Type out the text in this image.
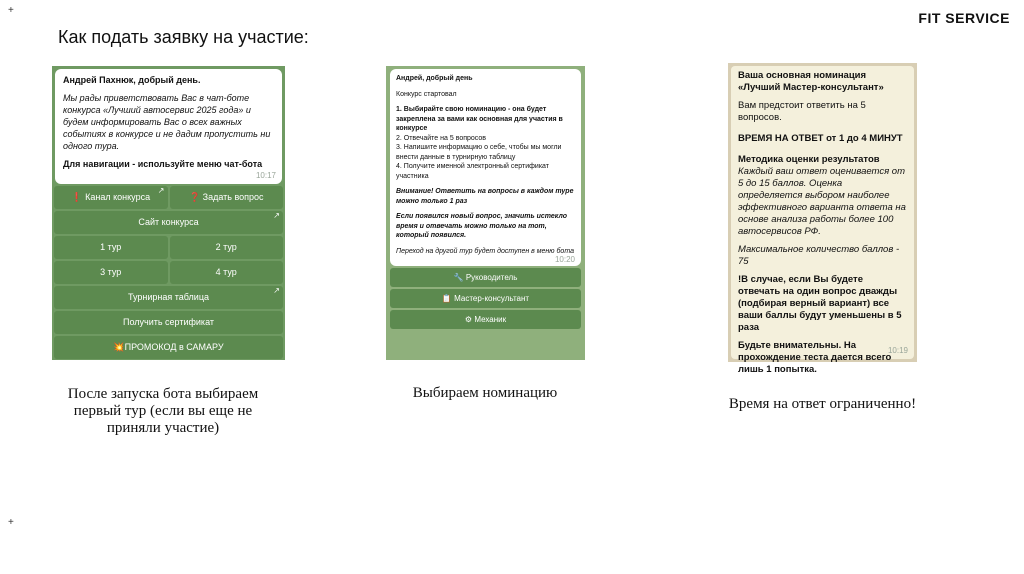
+
+
FIT SERVICE
Как подать заявку на участие:
Андрей Пахнюк, добрый день.
Мы рады приветствовать Вас в чат-боте конкурса «Лучший автосервис 2025 года» и будем информировать Вас о всех важных событиях в конкурсе и не дадим пропустить ни одного тура.
Для навигации - используйте меню чат-бота
10:17
❗ Канал конкурса
↗
❓ Задать вопрос
Сайт конкурса
↗
1 тур	2 тур
3 тур	4 тур
Турнирная таблица
↗
Получить сертификат
💥ПРОМОКОД в САМАРУ
Андрей, добрый день
Конкурс стартовал
1. Выбирайте свою номинацию - она будет закреплена за вами как основная для участия в конкурсе
2. Отвечайте на 5 вопросов
3. Напишите информацию о себе, чтобы мы могли внести данные в турнирную таблицу
4. Получите именной электронный сертификат участника
Внимание! Ответить на вопросы в каждом туре можно только 1 раз
Если появился новый вопрос, значить истекло время и отвечать можно только на тот, который появился.
Переход на другой тур будет доступен в меню бота
10:20
🔧 Руководитель
📋 Мастер-консультант
⚙ Механик
Ваша основная номинация «Лучший Мастер-консультант»
Вам предстоит ответить на 5 вопросов.
ВРЕМЯ НА ОТВЕТ от 1 до 4 МИНУТ
Методика оценки результатов
Каждый ваш ответ оценивается от 5 до 15 баллов. Оценка определяется выбором наиболее эффективного варианта ответа на основе анализа работы более 100 автосервисов РФ.
Максимальное количество баллов - 75
!В случае, если Вы будете отвечать на один вопрос дважды (подбирая верный вариант) все ваши баллы будут уменьшены в 5 раза
Будьте внимательны. На прохождение теста дается всего лишь 1 попытка.
10:19
После запуска бота выбираем первый тур (если вы еще не приняли участие)
Выбираем номинацию
Время на ответ ограниченно!
